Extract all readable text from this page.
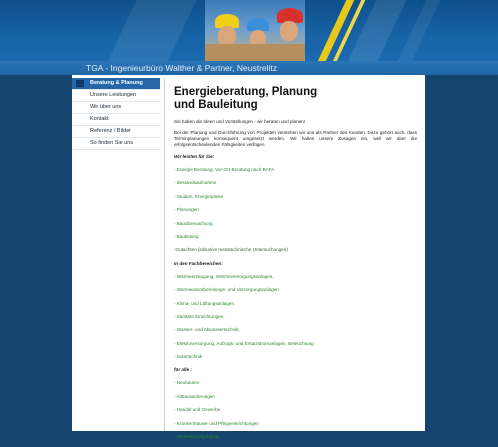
TGA - Ingenieurbüro Walther & Partner, Neustrelitz
Beratung & Planung
Unsere Leistungen
Wir über uns
Kontakt
Referenz / Bilder
So finden Sie uns
Energieberatung, Planung
und Bauleitung

Sie haben die Ideen und Vorstellungen - wir beraten und planen!

Bei der Planung und Durchführung von Projekten verstehen wir uns als Partner des Kunden. Dazu gehört auch, dass Terminplanungen konsequent umgesetzt werden. Wir halten unsere Zusagen ein, weil wir über die erfolgsentscheidenden Fähigkeiten verfügen.

Wir leisten für Sie:
- Energie Beratung, Vor-Ort-Beratung nach BAFA
- Bestandsaufnahme
- Studien, Energiepässe
- Planungen
- Bauüberwachung
- Bauleitung
-Gutachten (inklusive messtechnische Untersuchungen)
In den Fachbereichen:
- Wärmeerzeugung, Wärmeversorgungsanlagen,
- Warmwasserbereitungs- und Versorgungsanlagen
- Klima- und Lüftungsanlagen,
- Sanitäre Einrichtungen,
- Wasser- und Abwassertechnik,
- Elektroversorgung, Aufzugs- und Ersatzstromanlagen, Beleuchtung
- Solartechnik
für alle :
- Neubauten
- Altbausanierungen
- Handel und Gewerbe
- Krankenhäuser und Pflegeeinrichtungen
- Verwaltungsgebäude
